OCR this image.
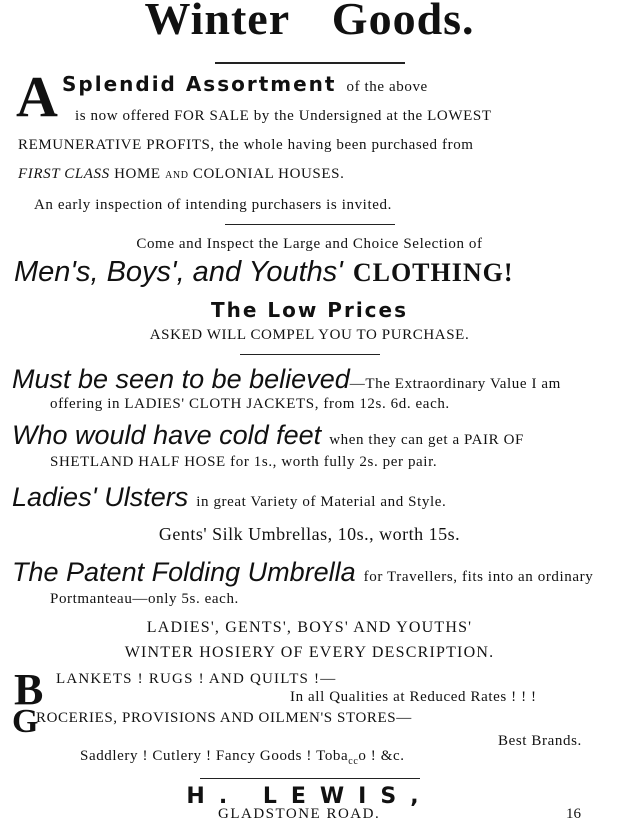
Winter Goods.
A Splendid Assortment of the above
is now offered FOR SALE by the Undersigned at the LOWEST
REMUNERATIVE PROFITS, the whole having been purchased from
FIRST CLASS HOME AND COLONIAL HOUSES.
An early inspection of intending purchasers is invited.
Come and Inspect the Large and Choice Selection of
Men's, Boys', and Youths' CLOTHING!
The Low Prices
ASKED WILL COMPEL YOU TO PURCHASE.
Must be seen to be believed—The Extraordinary Value I am
offering in LADIES' CLOTH JACKETS, from 12s. 6d. each.
Who would have cold feet when they can get a PAIR OF
SHETLAND HALF HOSE for 1s., worth fully 2s. per pair.
Ladies' Ulsters in great Variety of Material and Style.
Gents' Silk Umbrellas, 10s., worth 15s.
The Patent Folding Umbrella for Travellers, fits into an ordinary
Portmanteau—only 5s. each.
LADIES', GENTS', BOYS' AND YOUTHS'
WINTER HOSIERY OF EVERY DESCRIPTION.
B LANKETS ! RUGS ! AND QUILTS !—
In all Qualities at Reduced Rates ! ! !
G
ROCERIES, PROVISIONS AND OILMEN'S STORES—
Best Brands.
Saddlery ! Cutlery ! Fancy Goods ! Toba$_{cc}$o ! &c.
H. LEWIS,
GLADSTONE ROAD.	16
